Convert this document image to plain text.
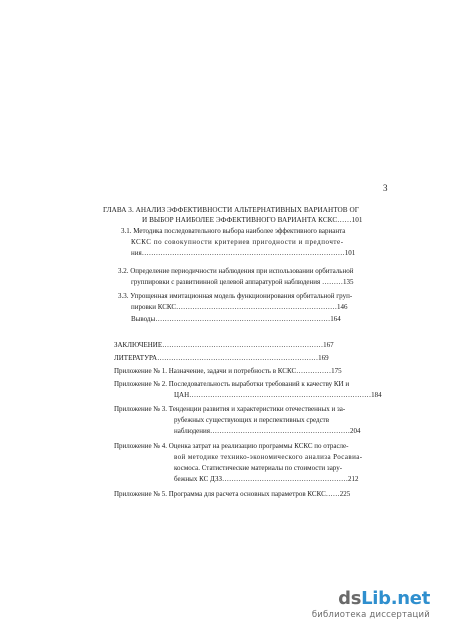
3
ГЛАВА 3. АНАЛИЗ ЭФФЕКТИВНОСТИ АЛЬТЕРНАТИВНЫХ ВАРИАНТОВ ОГ
И ВЫБОР НАИБОЛЕЕ ЭФФЕКТИВНОГО ВАРИАНТА КСКС……101
3.1. Методика последовательного выбора наиболее эффективного варианта
КСКС по совокупности критериев пригодности и предпочте-
ния……………………………………………………………………………101
3.2. Определение периодичности наблюдения при использовании орбитальной
группировки с развитиинной целевой аппаратурой наблюдения ………135
3.3. Упрощенная имитационная модель функционирования орбитальной груп-
пировки КСКС……………………………………………………………146
Выводы…………………………………………………………………164
ЗАКЛЮЧЕНИЕ……………………………………………………………167
ЛИТЕРАТУРА……………………………………………………………169
Приложение № 1. Назначение, задачи и потребность в КСКС……………175
Приложение № 2. Последовательность выработки требований к качеству КИ и
ЦАН……………………………………………………………………184
Приложение № 3. Тенденции развития и характеристики отечественных и за-
рубежных существующих и перспективных средств
наблюдения……………………………………………………204
Приложение № 4. Оценка затрат на реализацию программы КСКС по отрасле-
вой методике технико-экономического анализа Росавиа-
космоса. Статистические материалы по стоимости зару-
бежных КС ДЗЗ………………………………………………212
Приложение № 5. Программа для расчета основных параметров КСКС……225
dsLib.net
библиотека диссертаций
